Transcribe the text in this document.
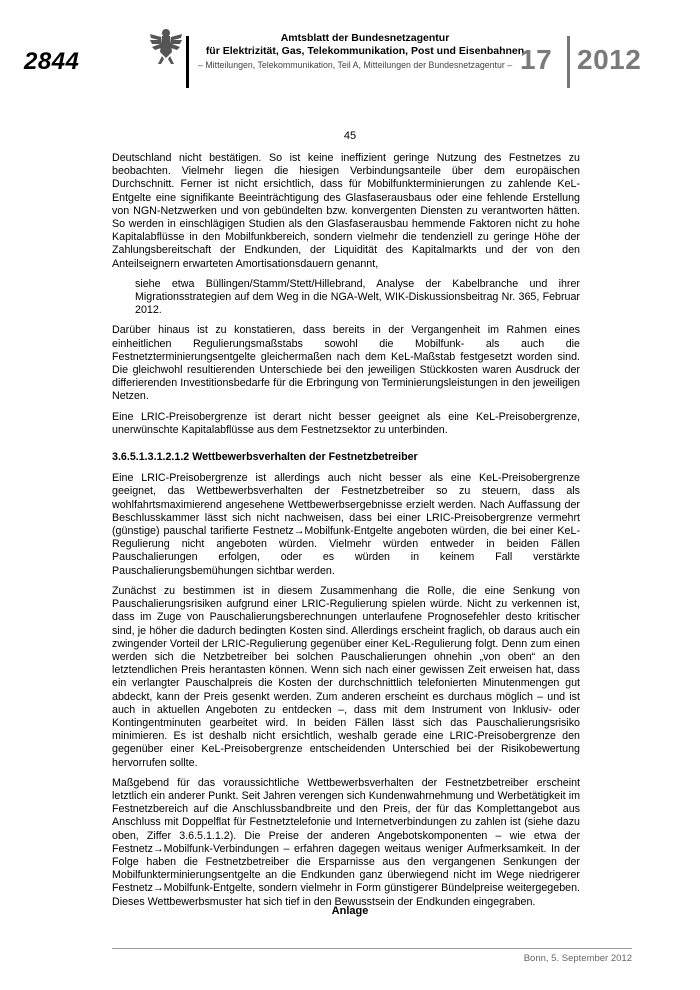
2844
Amtsblatt der Bundesnetzagentur
für Elektrizität, Gas, Telekommunikation, Post und Eisenbahnen
– Mitteilungen, Telekommunikation, Teil A, Mitteilungen der Bundesnetzagentur – 17 2012
45

Deutschland nicht bestätigen. So ist keine ineffizient geringe Nutzung des Festnetzes zu beobachten. Vielmehr liegen die hiesigen Verbindungsanteile über dem europäischen Durchschnitt. Ferner ist nicht ersichtlich, dass für Mobilfunkterminierungen zu zahlende KeL-Entgelte eine signifikante Beeinträchtigung des Glasfaserausbaus oder eine fehlende Erstellung von NGN-Netzwerken und von gebündelten bzw. konvergenten Diensten zu verantworten hätten. So werden in einschlägigen Studien als den Glasfaserausbau hemmende Faktoren nicht zu hohe Kapitalabflüsse in den Mobilfunkbereich, sondern vielmehr die tendenziell zu geringe Höhe der Zahlungsbereitschaft der Endkunden, der Liquidität des Kapitalmarkts und der von den Anteilseignern erwarteten Amortisationsdauern genannt,

siehe etwa Büllingen/Stamm/Stett/Hillebrand, Analyse der Kabelbranche und ihrer Migrationsstrategien auf dem Weg in die NGA-Welt, WIK-Diskussionsbeitrag Nr. 365, Februar 2012.

Darüber hinaus ist zu konstatieren, dass bereits in der Vergangenheit im Rahmen eines einheitlichen Regulierungsmaßstabs sowohl die Mobilfunk- als auch die Festnetzterminierungsentgelte gleichermaßen nach dem KeL-Maßstab festgesetzt worden sind. Die gleichwohl resultierenden Unterschiede bei den jeweiligen Stückkosten waren Ausdruck der differierenden Investitionsbedarfe für die Erbringung von Terminierungsleistungen in den jeweiligen Netzen.

Eine LRIC-Preisobergrenze ist derart nicht besser geeignet als eine KeL-Preisobergrenze, unerwünschte Kapitalabflüsse aus dem Festnetzsektor zu unterbinden.

3.6.5.1.3.1.2.1.2 Wettbewerbsverhalten der Festnetzbetreiber

Eine LRIC-Preisobergrenze ist allerdings auch nicht besser als eine KeL-Preisobergrenze geeignet, das Wettbewerbsverhalten der Festnetzbetreiber so zu steuern, dass als wohlfahrtsmaximierend angesehene Wettbewerbsergebnisse erzielt werden. Nach Auffassung der Beschlusskammer lässt sich nicht nachweisen, dass bei einer LRIC-Preisobergrenze vermehrt (günstige) pauschal tarifierte Festnetz→Mobilfunk-Entgelte angeboten würden, die bei einer KeL-Regulierung nicht angeboten würden. Vielmehr würden entweder in beiden Fällen Pauschalierungen erfolgen, oder es würden in keinem Fall verstärkte Pauschalierungsbemühungen sichtbar werden.

Zunächst zu bestimmen ist in diesem Zusammenhang die Rolle, die eine Senkung von Pauschalierungsrisiken aufgrund einer LRIC-Regulierung spielen würde. Nicht zu verkennen ist, dass im Zuge von Pauschalierungsberechnungen unterlaufene Prognosefehler desto kritischer sind, je höher die dadurch bedingten Kosten sind. Allerdings erscheint fraglich, ob daraus auch ein zwingender Vorteil der LRIC-Regulierung gegenüber einer KeL-Regulierung folgt. Denn zum einen werden sich die Netzbetreiber bei solchen Pauschalierungen ohnehin „von oben“ an den letztendlichen Preis herantasten können. Wenn sich nach einer gewissen Zeit erweisen hat, dass ein verlangter Pauschalpreis die Kosten der durchschnittlich telefonierten Minutenmengen gut abdeckt, kann der Preis gesenkt werden. Zum anderen erscheint es durchaus möglich – und ist auch in aktuellen Angeboten zu entdecken –, dass mit dem Instrument von Inklusiv- oder Kontingentminuten gearbeitet wird. In beiden Fällen lässt sich das Pauschalierungsrisiko minimieren. Es ist deshalb nicht ersichtlich, weshalb gerade eine LRIC-Preisobergrenze den gegenüber einer KeL-Preisobergrenze entscheidenden Unterschied bei der Risikobewertung hervorrufen sollte.

Maßgebend für das voraussichtliche Wettbewerbsverhalten der Festnetzbetreiber erscheint letztlich ein anderer Punkt. Seit Jahren verengen sich Kundenwahrnehmung und Werbetätigkeit im Festnetzbereich auf die Anschlussbandbreite und den Preis, der für das Komplettangebot aus Anschluss mit Doppelflat für Festnetztelefonie und Internetverbindungen zu zahlen ist (siehe dazu oben, Ziffer 3.6.5.1.1.2). Die Preise der anderen Angebotskomponenten – wie etwa der Festnetz→Mobilfunk-Verbindungen – erfahren dagegen weitaus weniger Aufmerksamkeit. In der Folge haben die Festnetzbetreiber die Ersparnisse aus den vergangenen Senkungen der Mobilfunkterminierungsentgelte an die Endkunden ganz überwiegend nicht im Wege niedrigerer Festnetz→Mobilfunk-Entgelte, sondern vielmehr in Form günstigerer Bündelpreise weitergegeben. Dieses Wettbewerbsmuster hat sich tief in den Bewusstsein der Endkunden eingegraben.

Anlage
Bonn, 5. September 2012
